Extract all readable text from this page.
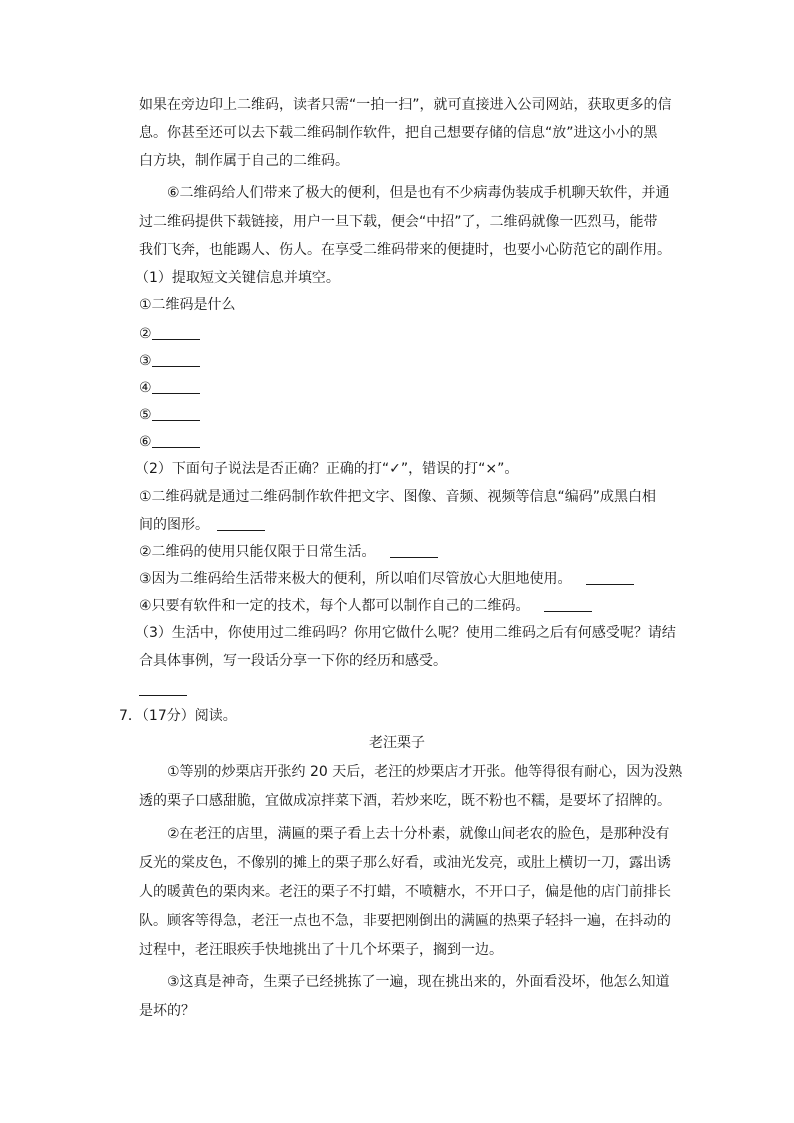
如果在旁边印上二维码，读者只需“一拍一扫”，就可直接进入公司网站，获取更多的信
息。你甚至还可以去下载二维码制作软件，把自己想要存储的信息“放”进这小小的黑
白方块，制作属于自己的二维码。
⑥二维码给人们带来了极大的便利，但是也有不少病毒伪装成手机聊天软件，并通
过二维码提供下载链接，用户一旦下载，便会“中招”了，二维码就像一匹烈马，能带
我们飞奔，也能踢人、伤人。在享受二维码带来的便捷时，也要小心防范它的副作用。
（1）提取短文关键信息并填空。
①二维码是什么
②
③
④
⑤
⑥
（2）下面句子说法是否正确？正确的打“✓”，错误的打“×”。
①二维码就是通过二维码制作软件把文字、图像、音频、视频等信息“编码”成黑白相
间的图形。
②二维码的使用只能仅限于日常生活。
③因为二维码给生活带来极大的便利，所以咱们尽管放心大胆地使用。
④只要有软件和一定的技术，每个人都可以制作自己的二维码。
（3）生活中，你使用过二维码吗？你用它做什么呢？使用二维码之后有何感受呢？请结
合具体事例，写一段话分享一下你的经历和感受。
7．（17分）阅读。
老汪栗子
①等别的炒栗店开张约 20 天后，老汪的炒栗店才开张。他等得很有耐心，因为没熟
透的栗子口感甜脆，宜做成凉拌菜下酒，若炒来吃，既不粉也不糯，是要坏了招牌的。
②在老汪的店里，满匾的栗子看上去十分朴素，就像山间老农的脸色，是那种没有
反光的棠皮色，不像别的摊上的栗子那么好看，或油光发亮，或肚上横切一刀，露出诱
人的暖黄色的栗肉来。老汪的栗子不打蜡，不喷糖水，不开口子，偏是他的店门前排长
队。顾客等得急，老汪一点也不急，非要把刚倒出的满匾的热栗子轻抖一遍，在抖动的
过程中，老汪眼疾手快地挑出了十几个坏栗子，搁到一边。
③这真是神奇，生栗子已经挑拣了一遍，现在挑出来的，外面看没坏，他怎么知道
是坏的？
